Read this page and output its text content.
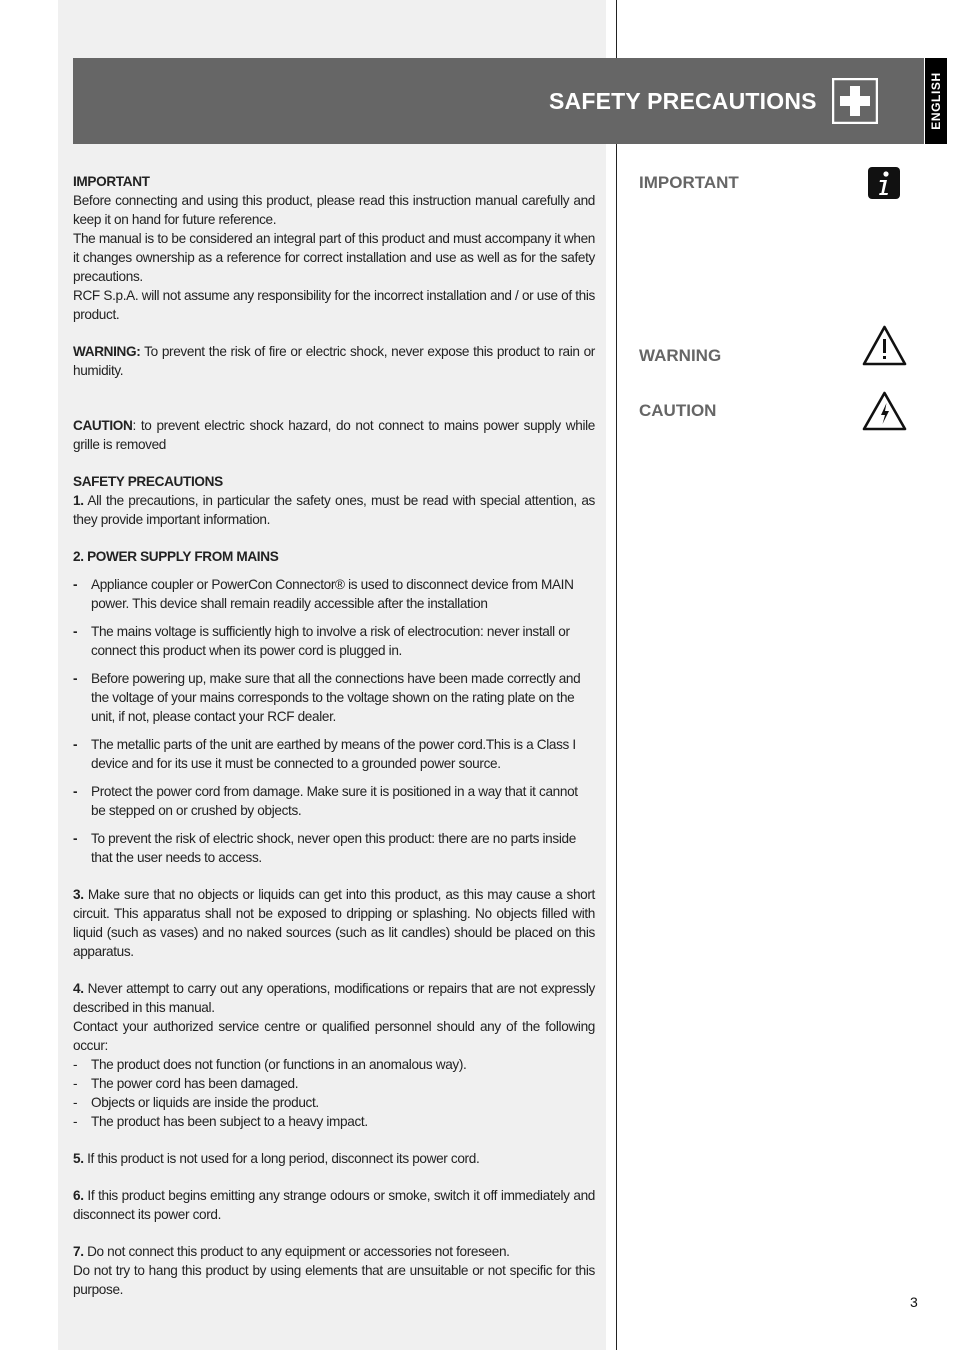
SAFETY PRECAUTIONS	ENGLISH

IMPORTANT

Before connecting and using this product, please read this instruction manual carefully and keep it on hand for future reference.

The manual is to be considered an integral part of this product and must accompany it when it changes ownership as a reference for correct installation and use as well as for the safety precautions.

RCF S.p.A. will not assume any responsibility for the incorrect installation and / or use of this product.

WARNING: To prevent the risk of fire or electric shock, never expose this product to rain or humidity.

CAUTION: to prevent electric shock hazard, do not connect to mains power supply while grille is removed

SAFETY PRECAUTIONS

1. All the precautions, in particular the safety ones, must be read with special attention, as they provide important information.

2. POWER SUPPLY FROM MAINS

- Appliance coupler or PowerCon Connector® is used to disconnect device from MAIN power. This device shall remain readily accessible after the installation
- The mains voltage is sufficiently high to involve a risk of electrocution: never install or connect this product when its power cord is plugged in.
- Before powering up, make sure that all the connections have been made correctly and the voltage of your mains corresponds to the voltage shown on the rating plate on the unit, if not, please contact your RCF dealer.
- The metallic parts of the unit are earthed by means of the power cord.This is a Class I device and for its use it must be connected to a grounded power source.
- Protect the power cord from damage. Make sure it is positioned in a way that it cannot be stepped on or crushed by objects.
- To prevent the risk of electric shock, never open this product: there are no parts inside that the user needs to access.

3. Make sure that no objects or liquids can get into this product, as this may cause a short circuit. This apparatus shall not be exposed to dripping or splashing. No objects filled with liquid (such as vases) and no naked sources (such as lit candles) should be placed on this apparatus.

4. Never attempt to carry out any operations, modifications or repairs that are not expressly described in this manual.

Contact your authorized service centre or qualified personnel should any of the following occur:

- The product does not function (or functions in an anomalous way).
- The power cord has been damaged.
- Objects or liquids are inside the product.
- The product has been subject to a heavy impact.

5. If this product is not used for a long period, disconnect its power cord.

6. If this product begins emitting any strange odours or smoke, switch it off immediately and disconnect its power cord.

7. Do not connect this product to any equipment or accessories not foreseen.

Do not try to hang this product by using elements that are unsuitable or not specific for this purpose.

IMPORTANT
WARNING
CAUTION
3
